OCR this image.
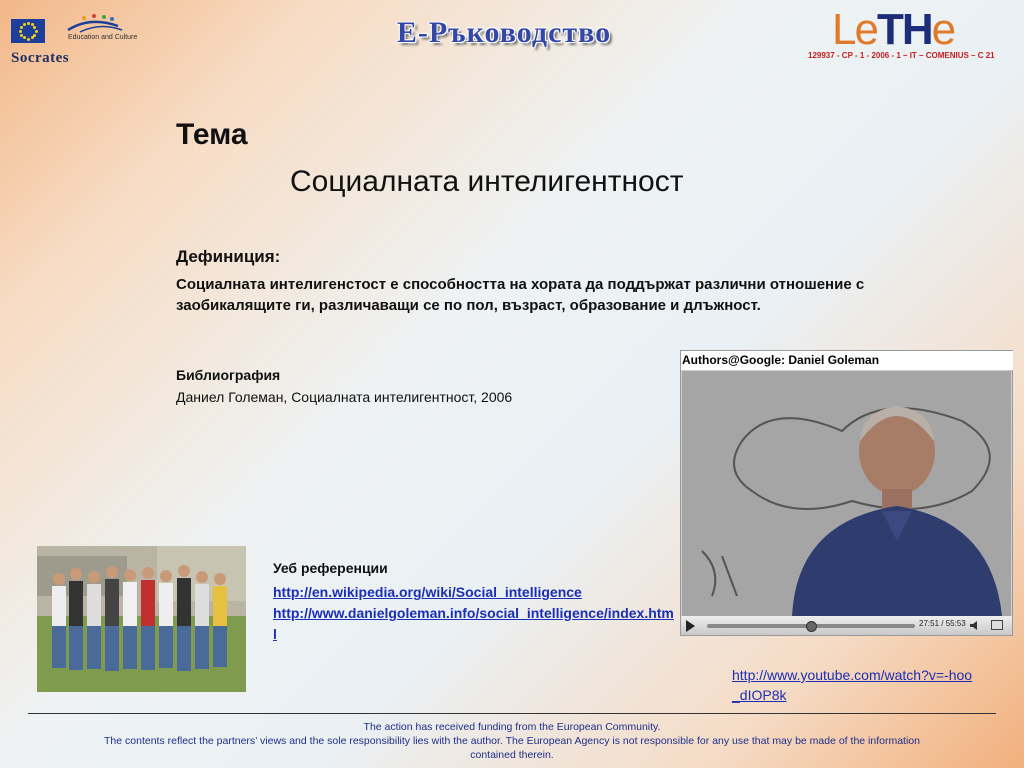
Education and Culture
Socrates
E-Ръководство	LeTHe
129937 - CP - 1 - 2006 - 1 – IT – COMENIUS – C 21
Тема
Социалната интелигентност
Дефиниция:
Социалната интелигенстост е способността на хората да поддържат различни отношение с заобикалящите ги, различаващи се по пол, възраст, образование и длъжност.
Библиография
Даниел Големан, Социалната интелигентност, 2006
Authors@Google: Daniel Goleman
27:51 / 55:53
http://www.youtube.com/watch?v=-hoo_dIOP8k
Уеб референции
http://en.wikipedia.org/wiki/Social_intelligence
http://www.danielgoleman.info/social_intelligence/index.html
The action has received funding from the European Community.
The contents reflect the partners’ views and the sole responsibility lies with the author. The European Agency is not responsible for any use that may be made of the information contained therein.
